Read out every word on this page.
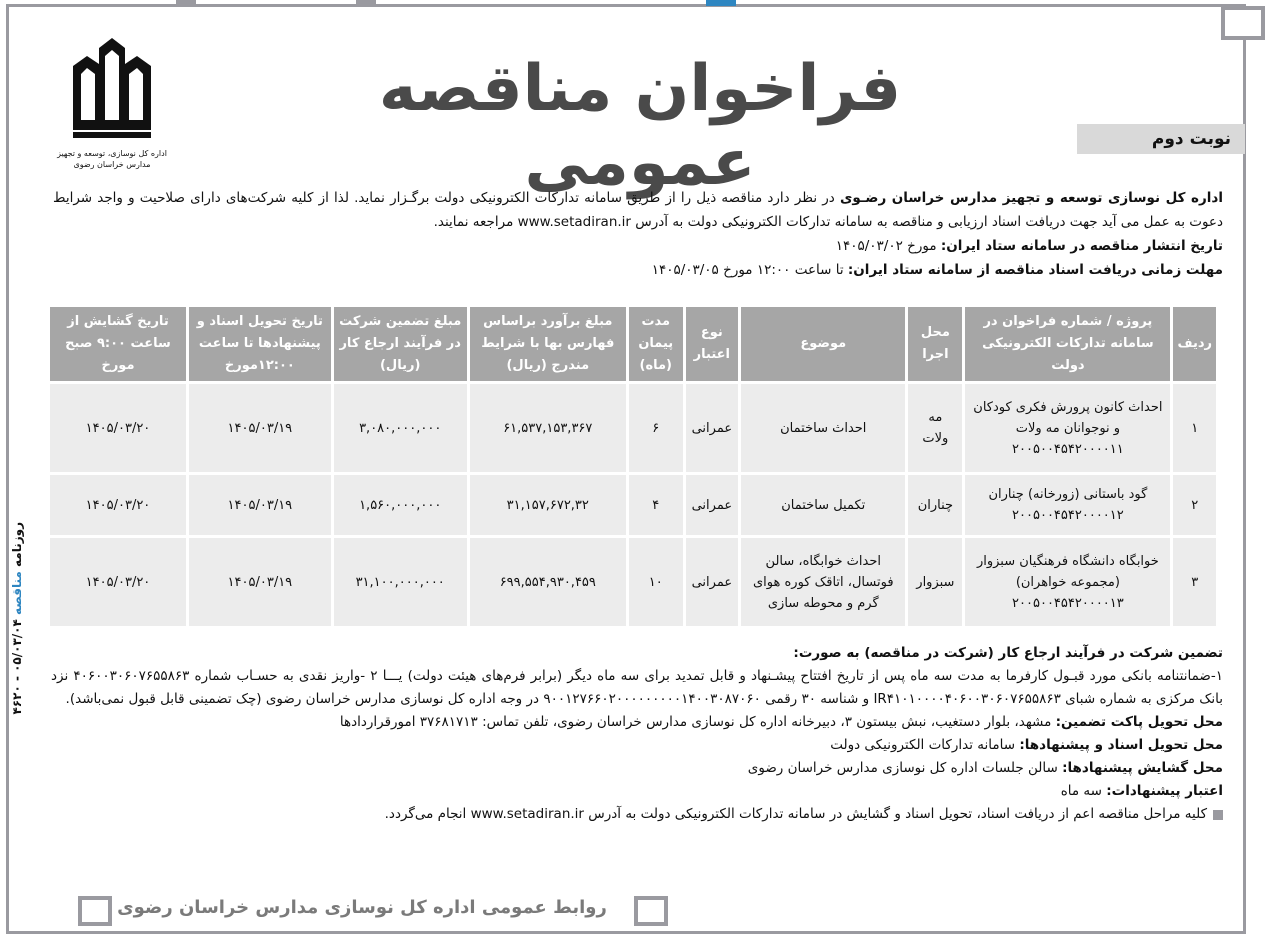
اداره کل نوسازی، توسعه و تجهیز مدارس خراسان رضوی
فراخوان مناقصه عمومی	نوبت دوم
اداره کل نوسازی توسعه و تجهیز مدارس خراسان رضـوی در نظر دارد مناقصه ذیل را از طریق سامانه تدارکات الکترونیکی دولت برگـزار نماید. لذا از کلیه شرکت‌های دارای صلاحیت و واجد شرایط دعوت به عمل می آید جهت دریافت اسناد ارزیابی و مناقصه به سامانه تدارکات الکترونیکی دولت به آدرس www.setadiran.ir مراجعه نمایند.
تاریخ انتشار مناقصه در سامانه ستاد ایران: مورخ ۱۴۰۵/۰۳/۰۲
مهلت زمانی دریافت اسناد مناقصه از سامانه ستاد ایران: تا ساعت ۱۲:۰۰ مورخ ۱۴۰۵/۰۳/۰۵
ردیف	پروژه / شماره فراخوان در سامانه تدارکات الکترونیکی دولت	محل اجرا	موضوع	نوع اعتبار	مدت پیمان (ماه)	مبلغ برآورد براساس فهارس بها با شرایط مندرج (ریال)	مبلغ تضمین شرکت در فرآیند ارجاع کار (ریال)	تاریخ تحویل اسناد و پیشنهادها تا ساعت ۱۲:۰۰مورخ	تاریخ گشایش از ساعت ۹:۰۰ صبح مورخ
۱	احداث کانون پرورش فکری کودکان و نوجوانان مه ولات ۲۰۰۵۰۰۴۵۴۲۰۰۰۰۱۱	مه ولات	احداث ساختمان	عمرانی	۶	۶۱,۵۳۷,۱۵۳,۳۶۷	۳,۰۸۰,۰۰۰,۰۰۰	۱۴۰۵/۰۳/۱۹	۱۴۰۵/۰۳/۲۰
۲	گود باستانی (زورخانه) چناران ۲۰۰۵۰۰۴۵۴۲۰۰۰۰۱۲	چناران	تکمیل ساختمان	عمرانی	۴	۳۱,۱۵۷,۶۷۲,۳۲	۱,۵۶۰,۰۰۰,۰۰۰	۱۴۰۵/۰۳/۱۹	۱۴۰۵/۰۳/۲۰
۳	خوابگاه دانشگاه فرهنگیان سبزوار (مجموعه خواهران) ۲۰۰۵۰۰۴۵۴۲۰۰۰۰۱۳	سبزوار	احداث خوابگاه، سالن فوتسال، اتاقک کوره هوای گرم و محوطه سازی	عمرانی	۱۰	۶۹۹,۵۵۴,۹۳۰,۴۵۹	۳۱,۱۰۰,۰۰۰,۰۰۰	۱۴۰۵/۰۳/۱۹	۱۴۰۵/۰۳/۲۰
روزنامه مناقصه ۰۵/۰۳/۰۴ - ۴۶۲۰	تضمین شرکت در فرآیند ارجاع کار (شرکت در مناقصه) به صورت:

۱-ضمانتنامه بانکی مورد قبـول کارفرما به مدت سه ماه پس از تاریخ افتتاح پیشـنهاد و قابل تمدید برای سه ماه دیگر (برابر فرم‌های هیئت دولت) یـــا ۲ -واریز نقدی به حسـاب شماره ۴۰۶۰۰۳۰۶۰۷۶۵۵۸۶۳ نزد بانک مرکزی به شماره شبای IR۴۱۰۱۰۰۰۰۴۰۶۰۰۳۰۶۰۷۶۵۵۸۶۳ و شناسه ۳۰ رقمی ۹۰۰۱۲۷۶۶۰۲۰۰۰۰۰۰۰۰۰۱۴۰۰۳۰۸۷۰۶۰ در وجه اداره کل نوسازی مدارس خراسان رضوی (چک تضمینی قابل قبول نمی‌باشد).

محل تحویل پاکت تضمین: مشهد، بلوار دستغیب، نبش بیستون ۳، دبیرخانه اداره کل نوسازی مدارس خراسان رضوی، تلفن تماس: ۳۷۶۸۱۷۱۳ امورقراردادها

محل تحویل اسناد و پیشنهادها: سامانه تدارکات الکترونیکی دولت

محل گشایش پیشنهادها: سالن جلسات اداره کل نوسازی مدارس خراسان رضوی

اعتبار پیشنهادات: سه ماه

کلیه مراحل مناقصه اعم از دریافت اسناد، تحویل اسناد و گشایش در سامانه تدارکات الکترونیکی دولت به آدرس www.setadiran.ir انجام می‌گردد.

روابط عمومی اداره کل نوسازی مدارس خراسان رضوی
